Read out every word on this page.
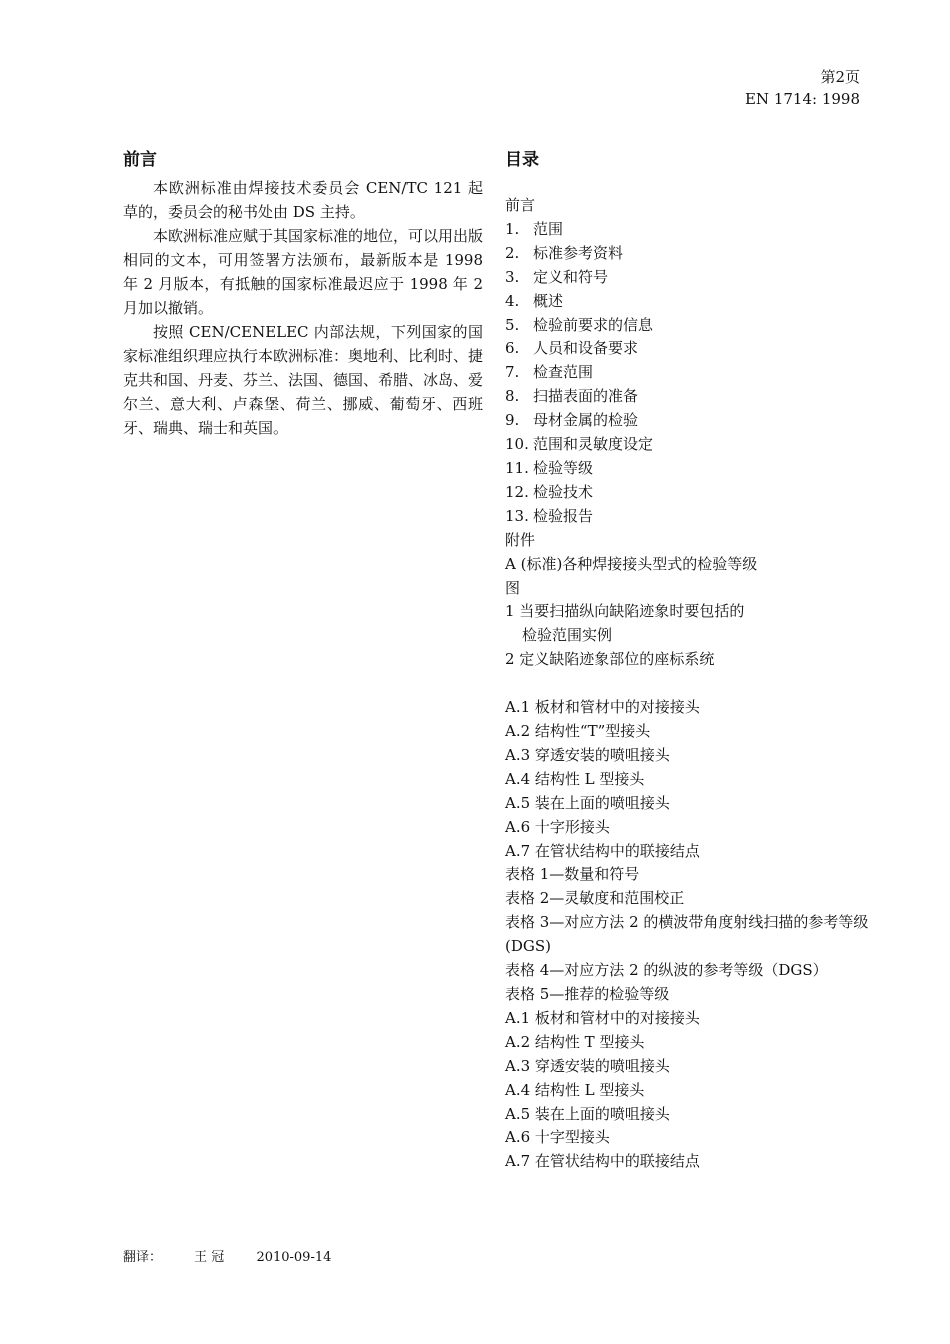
第2页
EN 1714: 1998
前言

本欧洲标准由焊接技术委员会 CEN/TC 121 起草的，委员会的秘书处由 DS 主持。

本欧洲标准应赋于其国家标准的地位，可以用出版相同的文本，可用签署方法颁布，最新版本是 1998 年 2 月版本，有抵触的国家标准最迟应于 1998 年 2 月加以撤销。

按照 CEN/CENELEC 内部法规，下列国家的国家标准组织理应执行本欧洲标准：奥地利、比利时、捷克共和国、丹麦、芬兰、法国、德国、希腊、冰岛、爱尔兰、意大利、卢森堡、荷兰、挪威、葡萄牙、西班牙、瑞典、瑞士和英国。

目录
前言
1. 范围
2. 标准参考资料
3. 定义和符号
4. 概述
5. 检验前要求的信息
6. 人员和设备要求
7. 检查范围
8. 扫描表面的准备
9. 母材金属的检验
10. 范围和灵敏度设定
11. 检验等级
12. 检验技术
13. 检验报告
附件
A (标准)各种焊接接头型式的检验等级
图
1 当要扫描纵向缺陷迹象时要包括的
检验范围实例
2 定义缺陷迹象部位的座标系统
A.1 板材和管材中的对接接头
A.2 结构性“T”型接头
A.3 穿透安装的喷咀接头
A.4 结构性 L 型接头
A.5 装在上面的喷咀接头
A.6 十字形接头
A.7 在管状结构中的联接结点
表格 1—数量和符号
表格 2—灵敏度和范围校正
表格 3—对应方法 2 的横波带角度射线扫描的参考等级(DGS)
表格 4—对应方法 2 的纵波的参考等级（DGS）
表格 5—推荐的检验等级
A.1 板材和管材中的对接接头
A.2 结构性 T 型接头
A.3 穿透安装的喷咀接头
A.4 结构性 L 型接头
A.5 装在上面的喷咀接头
A.6 十字型接头
A.7 在管状结构中的联接结点
翻译： 王 冠 2010-09-14
